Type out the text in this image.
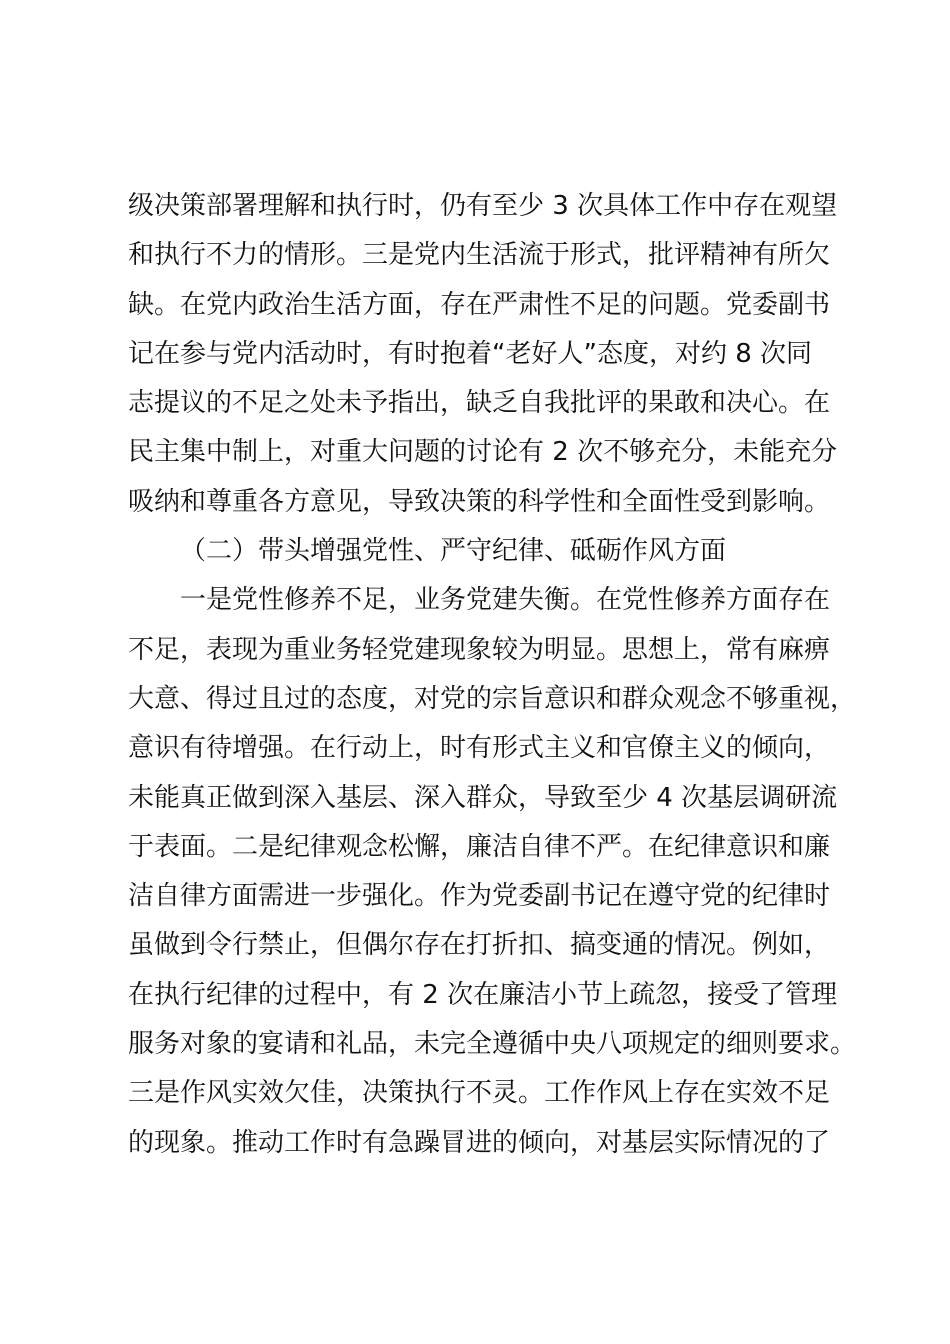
级决策部署理解和执行时，仍有至少 3 次具体工作中存在观望
和执行不力的情形。三是党内生活流于形式，批评精神有所欠
缺。在党内政治生活方面，存在严肃性不足的问题。党委副书
记在参与党内活动时，有时抱着“老好人”态度，对约 8 次同
志提议的不足之处未予指出，缺乏自我批评的果敢和决心。在
民主集中制上，对重大问题的讨论有 2 次不够充分，未能充分
吸纳和尊重各方意见，导致决策的科学性和全面性受到影响。
（二）带头增强党性、严守纪律、砥砺作风方面
一是党性修养不足，业务党建失衡。在党性修养方面存在
不足，表现为重业务轻党建现象较为明显。思想上，常有麻痹
大意、得过且过的态度，对党的宗旨意识和群众观念不够重视，
意识有待增强。在行动上，时有形式主义和官僚主义的倾向，
未能真正做到深入基层、深入群众，导致至少 4 次基层调研流
于表面。二是纪律观念松懈，廉洁自律不严。在纪律意识和廉
洁自律方面需进一步强化。作为党委副书记在遵守党的纪律时
虽做到令行禁止，但偶尔存在打折扣、搞变通的情况。例如，
在执行纪律的过程中，有 2 次在廉洁小节上疏忽，接受了管理
服务对象的宴请和礼品，未完全遵循中央八项规定的细则要求。
三是作风实效欠佳，决策执行不灵。工作作风上存在实效不足
的现象。推动工作时有急躁冒进的倾向，对基层实际情况的了
